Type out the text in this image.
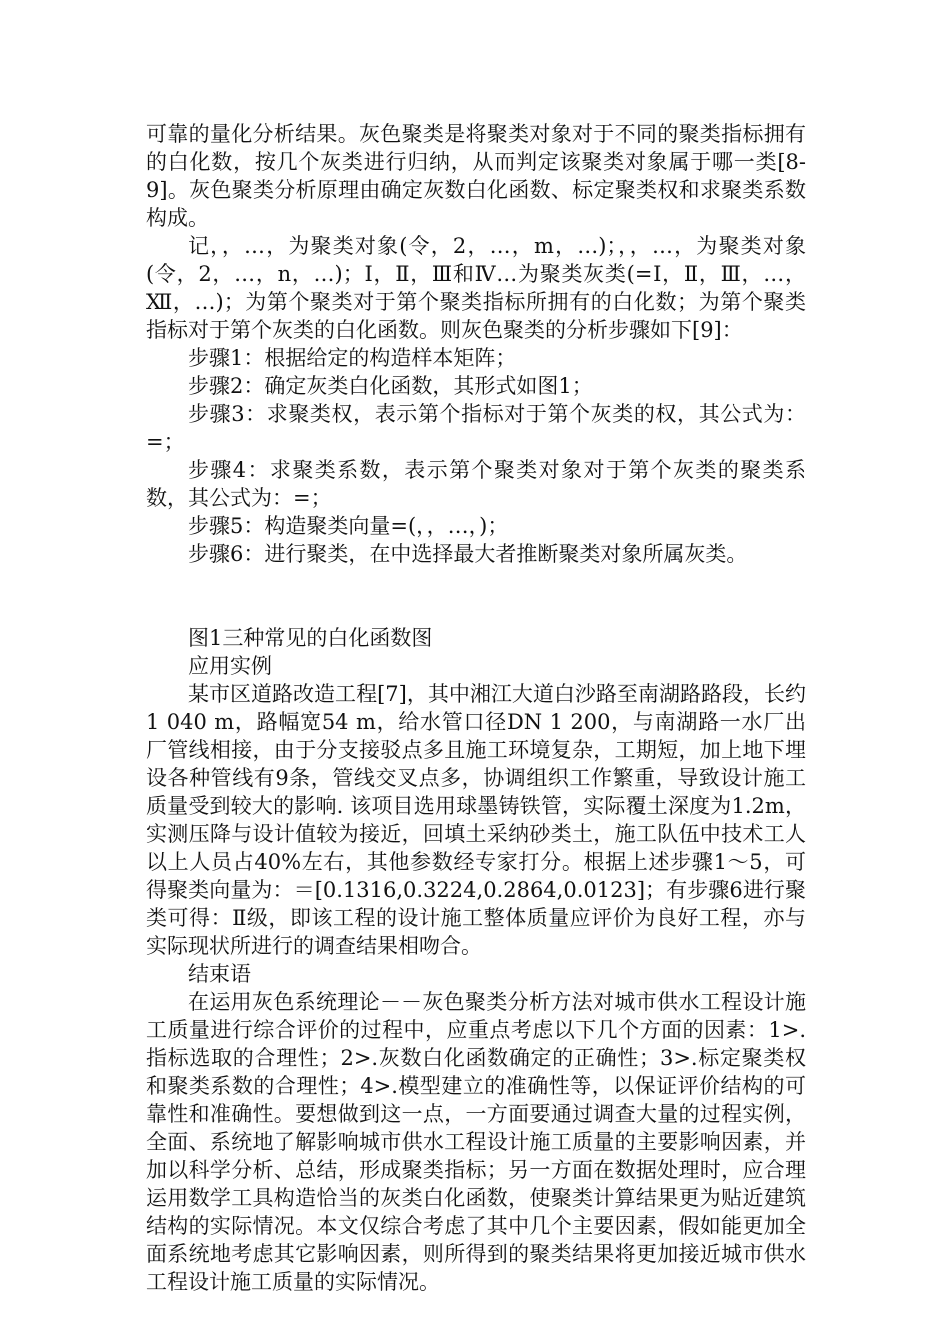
可靠的量化分析结果。灰色聚类是将聚类对象对于不同的聚类指标拥有的白化数，按几个灰类进行归纳，从而判定该聚类对象属于哪一类[8-9]。灰色聚类分析原理由确定灰数白化函数、标定聚类权和求聚类系数构成。

记，，…，为聚类对象(令，2，…，m，…)；，，…，为聚类对象(令，2，…，n，…)；Ⅰ，Ⅱ，Ⅲ和Ⅳ…为聚类灰类(=Ⅰ，Ⅱ，Ⅲ，…，Ⅻ，…)；为第个聚类对于第个聚类指标所拥有的白化数；为第个聚类指标对于第个灰类的白化函数。则灰色聚类的分析步骤如下[9]：

步骤1：根据给定的构造样本矩阵；

步骤2：确定灰类白化函数，其形式如图1；

步骤3：求聚类权，表示第个指标对于第个灰类的权，其公式为：=；

步骤4：求聚类系数，表示第个聚类对象对于第个灰类的聚类系数，其公式为：=；

步骤5：构造聚类向量=(，，…，)；

步骤6：进行聚类，在中选择最大者推断聚类对象所属灰类。

图1三种常见的白化函数图

应用实例

某市区道路改造工程[7]，其中湘江大道白沙路至南湖路路段，长约1 040 m，路幅宽54 m，给水管口径DN 1 200，与南湖路一水厂出厂管线相接，由于分支接驳点多且施工环境复杂，工期短，加上地下埋设各种管线有9条，管线交叉点多，协调组织工作繁重，导致设计施工质量受到较大的影响. 该项目选用球墨铸铁管，实际覆土深度为1.2m，实测压降与设计值较为接近，回填土采纳砂类土，施工队伍中技术工人以上人员占40%左右，其他参数经专家打分。根据上述步骤1～5，可得聚类向量为：＝[0.1316,0.3224,0.2864,0.0123]；有步骤6进行聚类可得：Ⅱ级，即该工程的设计施工整体质量应评价为良好工程，亦与实际现状所进行的调查结果相吻合。

结束语

在运用灰色系统理论－－灰色聚类分析方法对城市供水工程设计施工质量进行综合评价的过程中，应重点考虑以下几个方面的因素：1>.指标选取的合理性；2>.灰数白化函数确定的正确性；3>.标定聚类权和聚类系数的合理性；4>.模型建立的准确性等，以保证评价结构的可靠性和准确性。要想做到这一点，一方面要通过调查大量的过程实例，全面、系统地了解影响城市供水工程设计施工质量的主要影响因素，并加以科学分析、总结，形成聚类指标；另一方面在数据处理时，应合理运用数学工具构造恰当的灰类白化函数，使聚类计算结果更为贴近建筑结构的实际情况。本文仅综合考虑了其中几个主要因素，假如能更加全面系统地考虑其它影响因素，则所得到的聚类结果将更加接近城市供水工程设计施工质量的实际情况。
